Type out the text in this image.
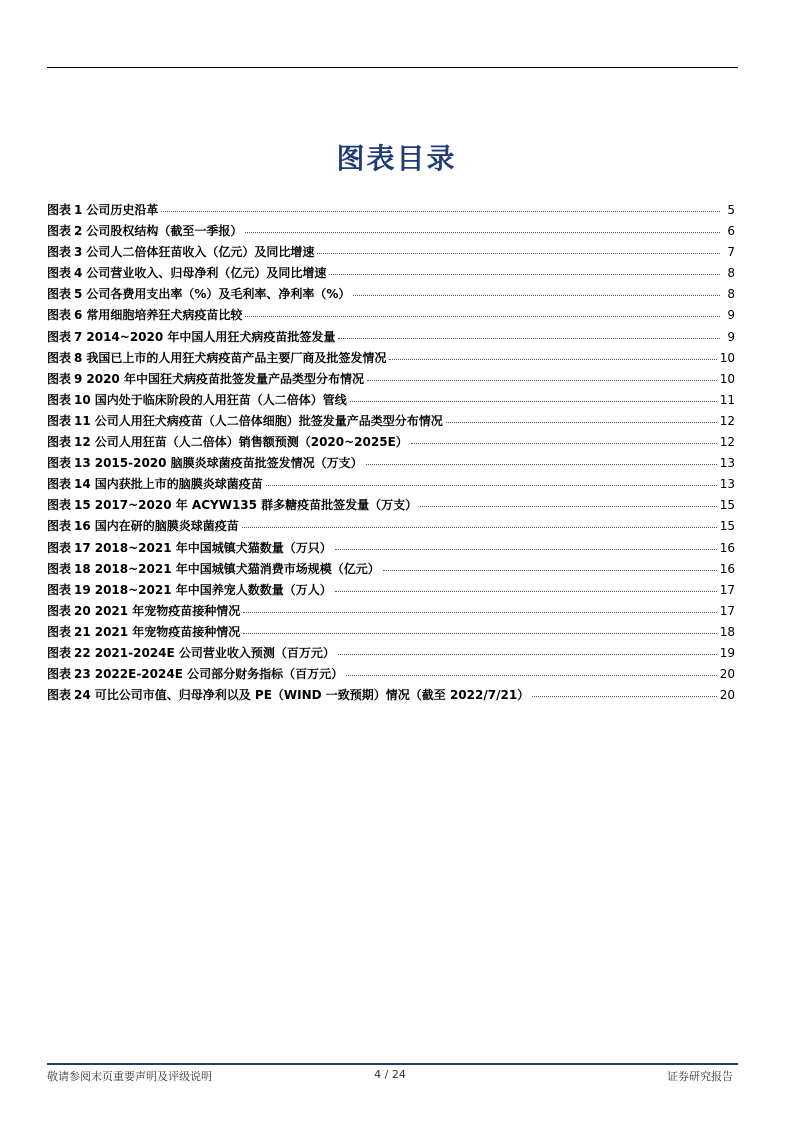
图表目录
图表 1 公司历史沿革	5
图表 2 公司股权结构（截至一季报）	6
图表 3 公司人二倍体狂苗收入（亿元）及同比增速	7
图表 4 公司营业收入、归母净利（亿元）及同比增速	8
图表 5 公司各费用支出率（%）及毛利率、净利率（%）	8
图表 6 常用细胞培养狂犬病疫苗比较	9
图表 7 2014~2020 年中国人用狂犬病疫苗批签发量	9
图表 8 我国已上市的人用狂犬病疫苗产品主要厂商及批签发情况	10
图表 9 2020 年中国狂犬病疫苗批签发量产品类型分布情况	10
图表 10 国内处于临床阶段的人用狂苗（人二倍体）管线	11
图表 11 公司人用狂犬病疫苗（人二倍体细胞）批签发量产品类型分布情况	12
图表 12 公司人用狂苗（人二倍体）销售额预测（2020~2025E）	12
图表 13 2015-2020 脑膜炎球菌疫苗批签发情况（万支）	13
图表 14 国内获批上市的脑膜炎球菌疫苗	13
图表 15 2017~2020 年 ACYW135 群多糖疫苗批签发量（万支）	15
图表 16 国内在研的脑膜炎球菌疫苗	15
图表 17 2018~2021 年中国城镇犬猫数量（万只）	16
图表 18 2018~2021 年中国城镇犬猫消费市场规模（亿元）	16
图表 19 2018~2021 年中国养宠人数数量（万人）	17
图表 20 2021 年宠物疫苗接种情况	17
图表 21 2021 年宠物疫苗接种情况	18
图表 22 2021-2024E 公司营业收入预测（百万元）	19
图表 23 2022E-2024E 公司部分财务指标（百万元）	20
图表 24 可比公司市值、归母净利以及 PE（WIND 一致预期）情况（截至 2022/7/21）	20
敬请参阅末页重要声明及评级说明	4 / 24	证券研究报告
